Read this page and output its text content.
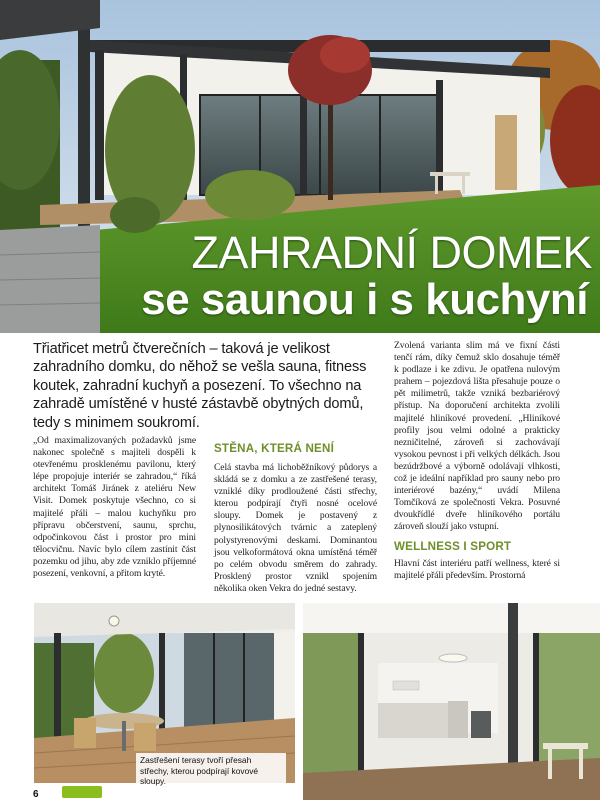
ZAHRADNÍ DOMEK
se saunou i s kuchyní

Třiatřicet metrů čtverečních – taková je velikost zahradního domku, do něhož se vešla sauna, fitness koutek, zahradní kuchyň a posezení. To všechno na zahradě umístěné v husté zástavbě obytných domů, tedy s minimem soukromí.

„Od maximalizovaných požadavků jsme nakonec společně s majiteli dospěli k otevřenému prosklenému pavilonu, který lépe propojuje interiér se zahradou,“ říká architekt Tomáš Jiránek z ateliéru New Visit. Domek poskytuje všechno, co si majitelé přáli – malou kuchyňku pro přípravu občerstvení, saunu, sprchu, odpočinkovou část i prostor pro mini tělocvičnu. Navíc bylo cílem zastínit část pozemku od jihu, aby zde vzniklo příjemné posezení, venkovní, a přitom kryté.

STĚNA, KTERÁ NENÍ

Celá stavba má lichoběžníkový půdorys a skládá se z domku a ze zastřešené terasy, vzniklé díky prodloužené části střechy, kterou podpírají čtyři nosné ocelové sloupy. Domek je postavený z plynosilikátových tvárnic a zateplený polystyrenovými deskami. Dominantou jsou velkoformátová okna umístěná téměř po celém obvodu směrem do zahrady. Prosklený prostor vznikl spojením několika oken Vekra do jedné sestavy.

Zvolená varianta slim má ve fixní části tenčí rám, díky čemuž sklo dosahuje téměř k podlaze i ke zdivu. Je opatřena nulovým prahem – pojezdová lišta přesahuje pouze o pět milimetrů, takže vzniká bezbariérový přístup. Na doporučení architekta zvolili majitelé hliníkové provedení. „Hliníkové profily jsou velmi odolné a prakticky nezničitelné, zároveň si zachovávají vysokou pevnost i při velkých délkách. Jsou bezúdržbové a výborně odolávají vlhkosti, což je ideální například pro sauny nebo pro interiérové bazény,“ uvádí Milena Tomčíková ze společnosti Vekra. Posuvné dvoukřídlé dveře hliníkového portálu zároveň slouží jako vstupní.

WELLNESS I SPORT

Hlavní část interiéru patří wellness, které si majitelé přáli především. Prostorná

Zastřešení terasy tvoří přesah střechy, kterou podpírají kovové sloupy.

6
